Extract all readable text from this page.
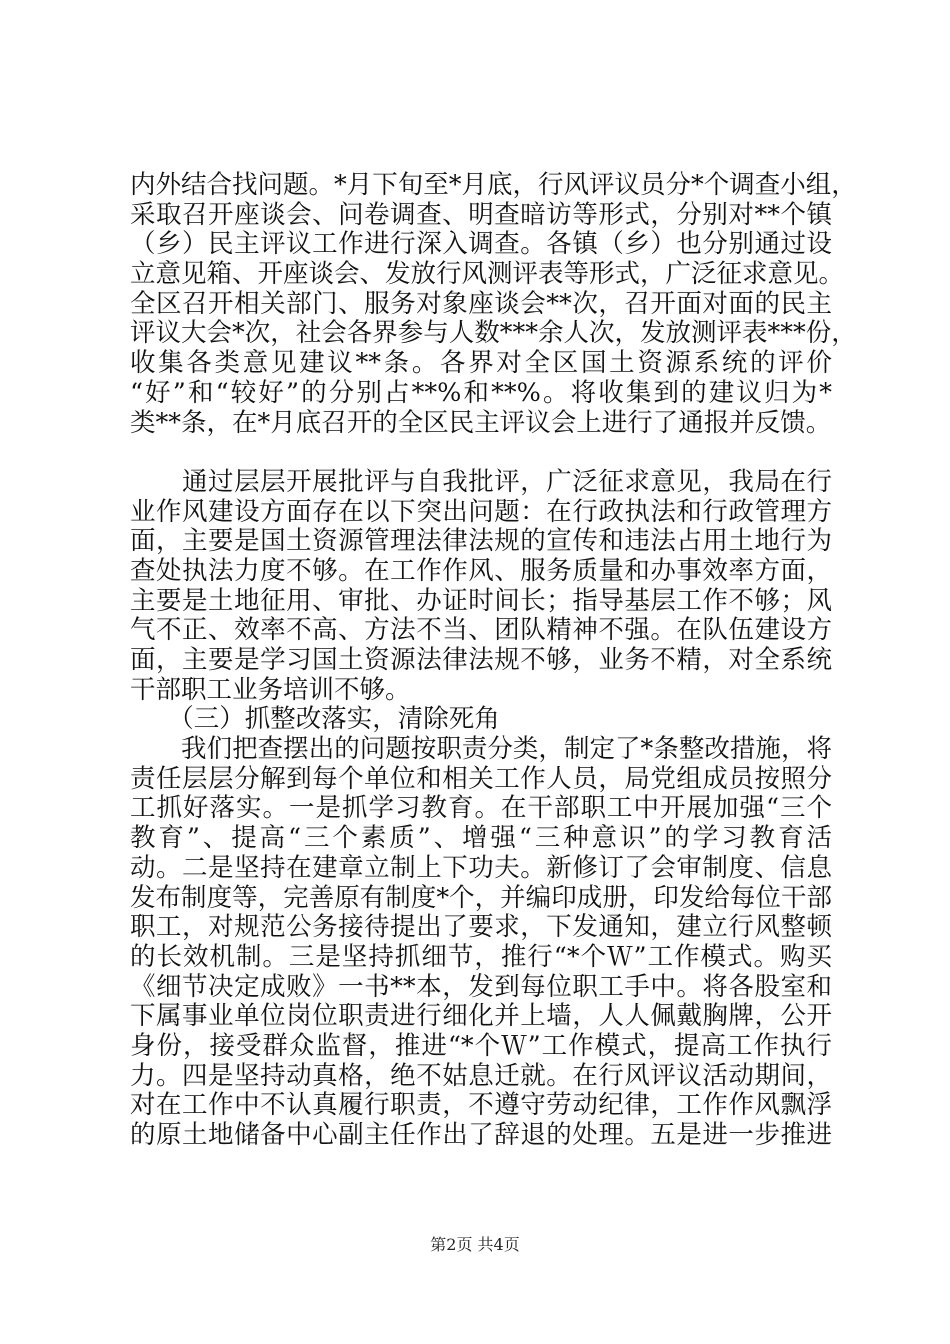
内外结合找问题。*月下旬至*月底，行风评议员分*个调查小组，
采取召开座谈会、问卷调查、明查暗访等形式，分别对**个镇
（乡）民主评议工作进行深入调查。各镇（乡）也分别通过设
立意见箱、开座谈会、发放行风测评表等形式，广泛征求意见。
全区召开相关部门、服务对象座谈会**次，召开面对面的民主
评议大会*次，社会各界参与人数***余人次，发放测评表***份，
收集各类意见建议**条。各界对全区国土资源系统的评价
“好”和“较好”的分别占**%和**%。将收集到的建议归为*
类**条，在*月底召开的全区民主评议会上进行了通报并反馈。
　　通过层层开展批评与自我批评，广泛征求意见，我局在行
业作风建设方面存在以下突出问题：在行政执法和行政管理方
面，主要是国土资源管理法律法规的宣传和违法占用土地行为
查处执法力度不够。在工作作风、服务质量和办事效率方面，
主要是土地征用、审批、办证时间长；指导基层工作不够；风
气不正、效率不高、方法不当、团队精神不强。在队伍建设方
面，主要是学习国土资源法律法规不够，业务不精，对全系统
干部职工业务培训不够。
　　（三）抓整改落实，清除死角
　　我们把查摆出的问题按职责分类，制定了*条整改措施，将
责任层层分解到每个单位和相关工作人员，局党组成员按照分
工抓好落实。一是抓学习教育。在干部职工中开展加强“三个
教育”、提高“三个素质”、增强“三种意识”的学习教育活
动。二是坚持在建章立制上下功夫。新修订了会审制度、信息
发布制度等，完善原有制度*个，并编印成册，印发给每位干部
职工，对规范公务接待提出了要求，下发通知，建立行风整顿
的长效机制。三是坚持抓细节，推行“*个Ｗ”工作模式。购买
《细节决定成败》一书**本，发到每位职工手中。将各股室和
下属事业单位岗位职责进行细化并上墙，人人佩戴胸牌，公开
身份，接受群众监督，推进“*个Ｗ”工作模式，提高工作执行
力。四是坚持动真格，绝不姑息迁就。在行风评议活动期间，
对在工作中不认真履行职责，不遵守劳动纪律，工作作风飘浮
的原土地储备中心副主任作出了辞退的处理。五是进一步推进
第2页 共4页
